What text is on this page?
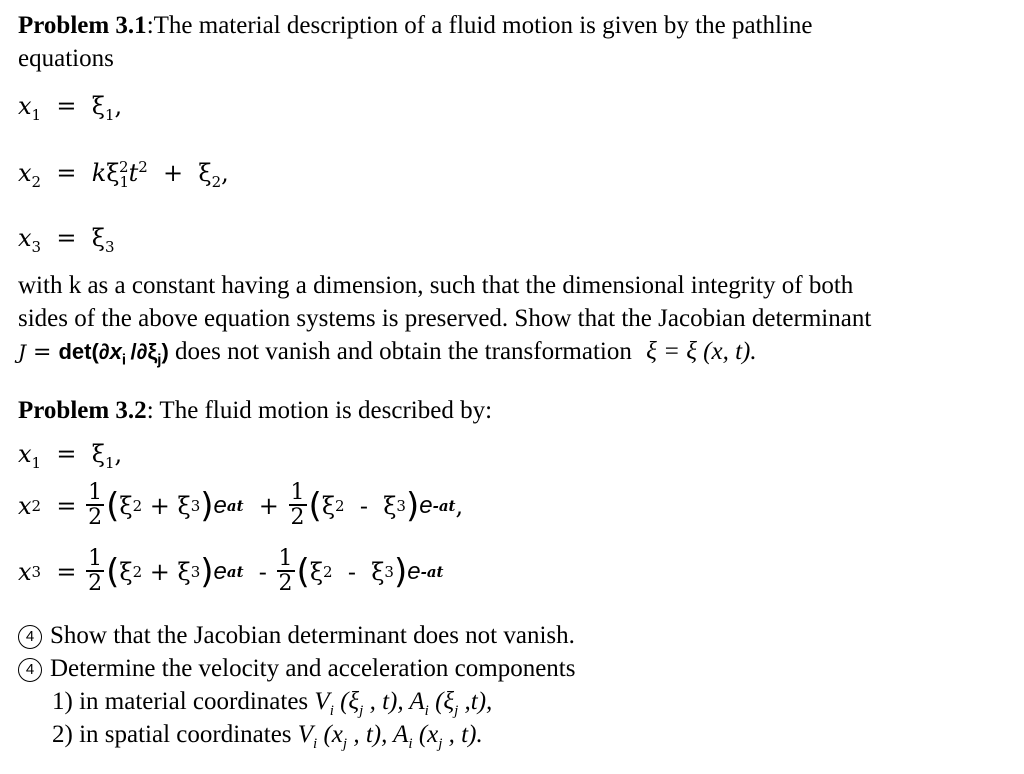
Problem 3.1:The material description of a fluid motion is given by the pathline
equations
$x_1 = \xi_1$,
$x_2 = k\xi_1^2t^2 + \xi_2$,
$x_3 = \xi_3$
with k as a constant having a dimension, such that the dimensional integrity of both
sides of the above equation systems is preserved. Show that the Jacobian determinant
$J = \det(\partial x_i$ $/\partial\xi_j$) does not vanish and obtain the transformation ξ = ξ (x, t).
Problem 3.2: The fluid motion is described by:
$x_1 = \xi_1$,
x $2 = \frac{1}{2}$ ( ξ 2 + ξ 3 ) e at + $\frac{1}{2}$ ( ξ 2 -  ξ 3 ) e -at ,
x $3 = \frac{1}{2}$ ( ξ 2 + ξ 3 ) e at - $\frac{1}{2}$ ( ξ 2 -  ξ 3 ) e -at
4 Show that the Jacobian determinant does not vanish.
4 Determine the velocity and acceleration components
1) in material coordinates $V_i$ ($\xi_j$ , t), $A_i$ ($\xi_j$ ,t),
2) in spatial coordinates $V_i$ ($x_j$ , t), $A_i$ ($x_j$ , t).
